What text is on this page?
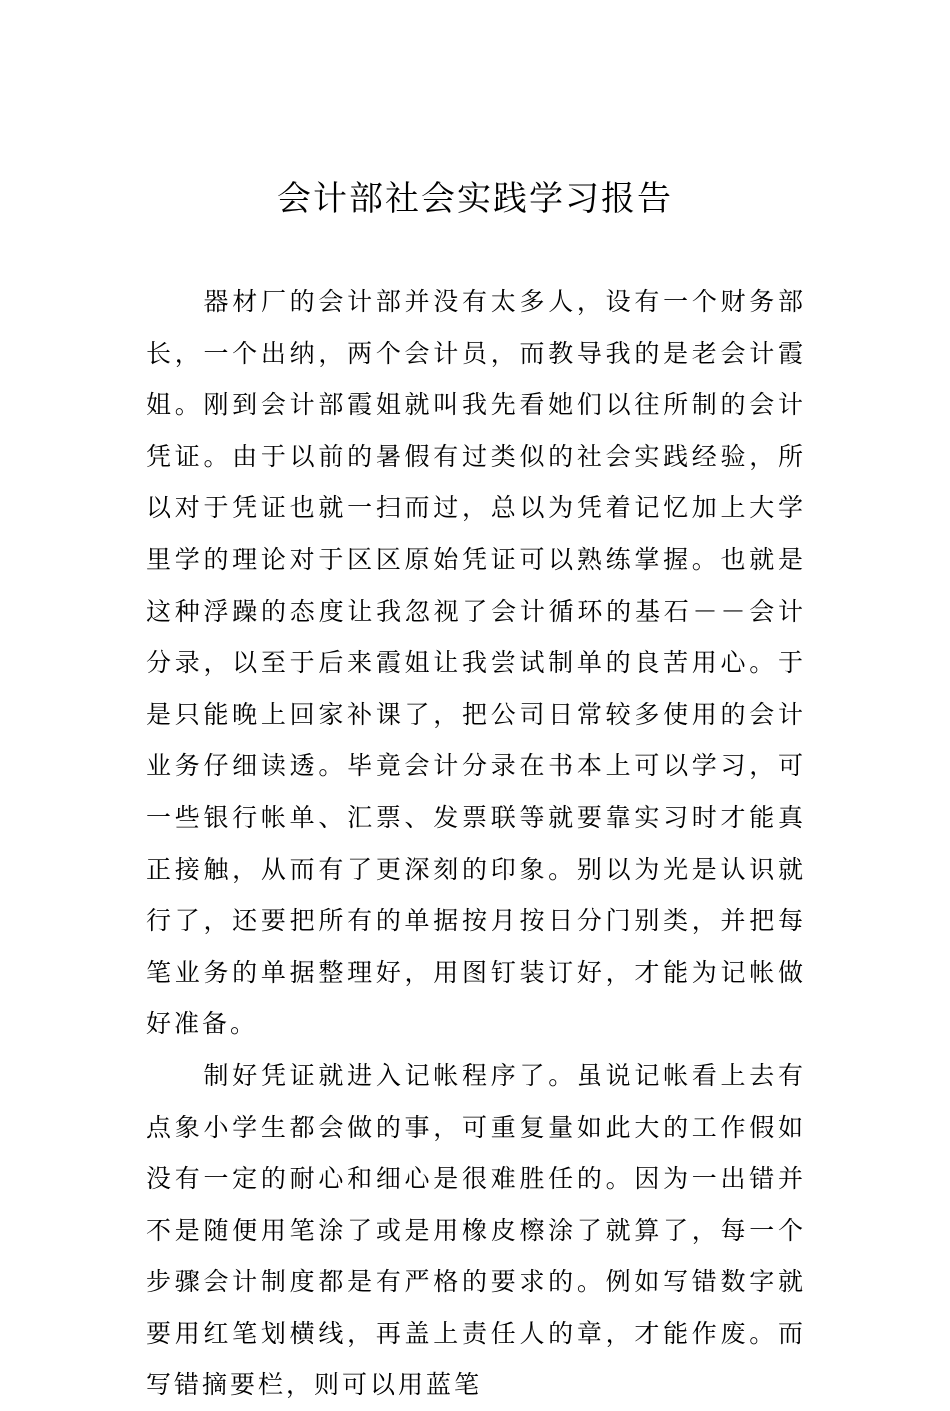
会计部社会实践学习报告

器材厂的会计部并没有太多人，设有一个财务部长，一个出纳，两个会计员，而教导我的是老会计霞姐。刚到会计部霞姐就叫我先看她们以往所制的会计凭证。由于以前的暑假有过类似的社会实践经验，所以对于凭证也就一扫而过，总以为凭着记忆加上大学里学的理论对于区区原始凭证可以熟练掌握。也就是这种浮躁的态度让我忽视了会计循环的基石－－会计分录，以至于后来霞姐让我尝试制单的良苦用心。于是只能晚上回家补课了，把公司日常较多使用的会计业务仔细读透。毕竟会计分录在书本上可以学习，可一些银行帐单、汇票、发票联等就要靠实习时才能真正接触，从而有了更深刻的印象。别以为光是认识就行了，还要把所有的单据按月按日分门别类，并把每笔业务的单据整理好，用图钉装订好，才能为记帐做好准备。

制好凭证就进入记帐程序了。虽说记帐看上去有点象小学生都会做的事，可重复量如此大的工作假如没有一定的耐心和细心是很难胜任的。因为一出错并不是随便用笔涂了或是用橡皮檫涂了就算了，每一个步骤会计制度都是有严格的要求的。例如写错数字就要用红笔划横线，再盖上责任人的章，才能作废。而写错摘要栏，则可以用蓝笔
